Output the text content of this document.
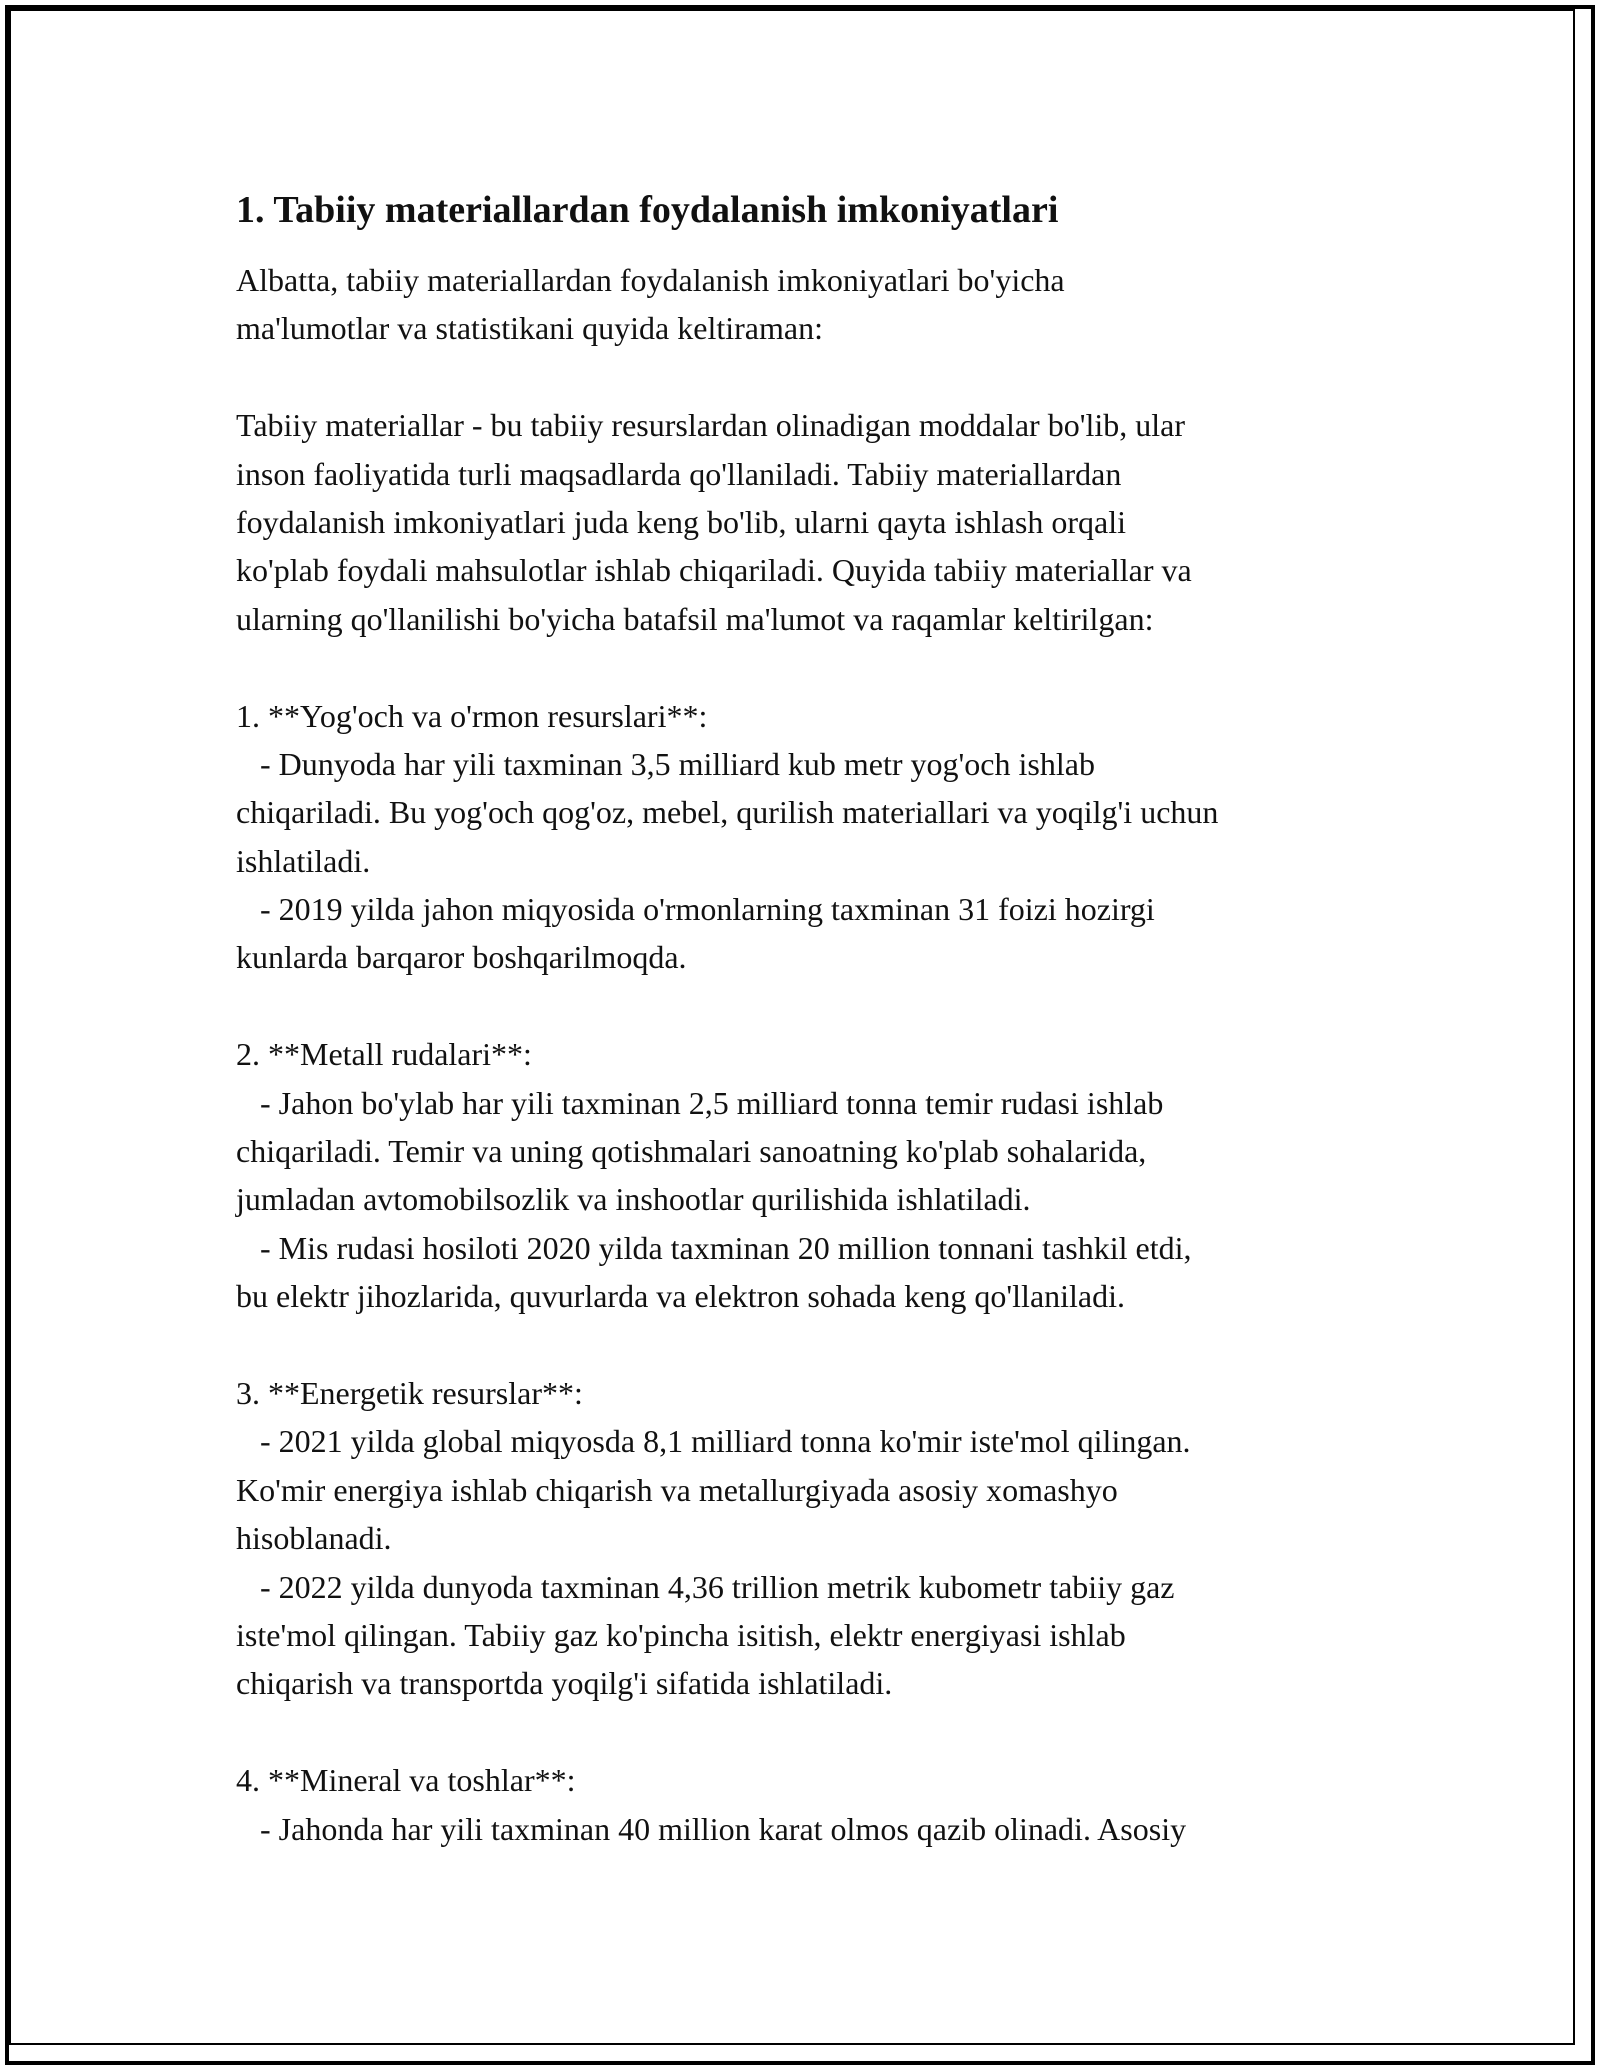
1. Tabiiy materiallardan foydalanish imkoniyatlari
Albatta, tabiiy materiallardan foydalanish imkoniyatlari bo'yicha
ma'lumotlar va statistikani quyida keltiraman:
Tabiiy materiallar - bu tabiiy resurslardan olinadigan moddalar bo'lib, ular
inson faoliyatida turli maqsadlarda qo'llaniladi. Tabiiy materiallardan
foydalanish imkoniyatlari juda keng bo'lib, ularni qayta ishlash orqali
ko'plab foydali mahsulotlar ishlab chiqariladi. Quyida tabiiy materiallar va
ularning qo'llanilishi bo'yicha batafsil ma'lumot va raqamlar keltirilgan:
1. **Yog'och va o'rmon resurslari**:
- Dunyoda har yili taxminan 3,5 milliard kub metr yog'och ishlab
chiqariladi. Bu yog'och qog'oz, mebel, qurilish materiallari va yoqilg'i uchun
ishlatiladi.
- 2019 yilda jahon miqyosida o'rmonlarning taxminan 31 foizi hozirgi
kunlarda barqaror boshqarilmoqda.
2. **Metall rudalari**:
- Jahon bo'ylab har yili taxminan 2,5 milliard tonna temir rudasi ishlab
chiqariladi. Temir va uning qotishmalari sanoatning ko'plab sohalarida,
jumladan avtomobilsozlik va inshootlar qurilishida ishlatiladi.
- Mis rudasi hosiloti 2020 yilda taxminan 20 million tonnani tashkil etdi,
bu elektr jihozlarida, quvurlarda va elektron sohada keng qo'llaniladi.
3. **Energetik resurslar**:
- 2021 yilda global miqyosda 8,1 milliard tonna ko'mir iste'mol qilingan.
Ko'mir energiya ishlab chiqarish va metallurgiyada asosiy xomashyo
hisoblanadi.
- 2022 yilda dunyoda taxminan 4,36 trillion metrik kubometr tabiiy gaz
iste'mol qilingan. Tabiiy gaz ko'pincha isitish, elektr energiyasi ishlab
chiqarish va transportda yoqilg'i sifatida ishlatiladi.
4. **Mineral va toshlar**:
- Jahonda har yili taxminan 40 million karat olmos qazib olinadi. Asosiy
